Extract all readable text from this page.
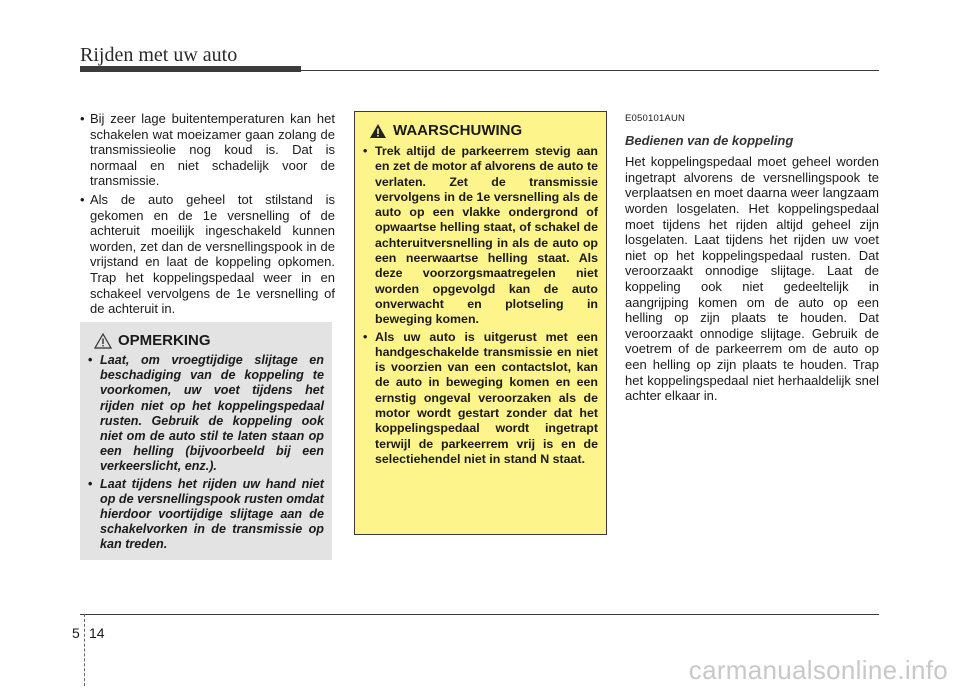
Rijden met uw auto
• Bij zeer lage buitentemperaturen kan het schakelen wat moeizamer gaan zolang de transmissieolie nog koud is. Dat is normaal en niet schadelijk voor de transmissie.
• Als de auto geheel tot stilstand is gekomen en de 1e versnelling of de achteruit moeilijk ingeschakeld kunnen worden, zet dan de versnellingspook in de vrijstand en laat de koppeling opkomen. Trap het koppelingspedaal weer in en schakeel vervolgens de 1e versnelling of de achteruit in.
OPMERKING
• Laat, om vroegtijdige slijtage en beschadiging van de koppeling te voorkomen, uw voet tijdens het rijden niet op het koppelingspedaal rusten. Gebruik de koppeling ook niet om de auto stil te laten staan op een helling (bijvoorbeeld bij een verkeerslicht, enz.).
• Laat tijdens het rijden uw hand niet op de versnellingspook rusten omdat hierdoor voortijdige slijtage aan de schakelvorken in de transmissie op kan treden.
WAARSCHUWING
• Trek altijd de parkeerrem stevig aan en zet de motor af alvorens de auto te verlaten. Zet de transmissie vervolgens in de 1e versnelling als de auto op een vlakke ondergrond of opwaartse helling staat, of schakel de achteruitversnelling in als de auto op een neerwaartse helling staat. Als deze voorzorgsmaatregelen niet worden opgevolgd kan de auto onverwacht en plotseling in beweging komen.
• Als uw auto is uitgerust met een handgeschakelde transmissie en niet is voorzien van een contactslot, kan de auto in beweging komen en een ernstig ongeval veroorzaken als de motor wordt gestart zonder dat het koppelingspedaal wordt ingetrapt terwijl de parkeerrem vrij is en de selectiehendel niet in stand N staat.
E050101AUN
Bedienen van de koppeling
Het koppelingspedaal moet geheel worden ingetrapt alvorens de versnellingspook te verplaatsen en moet daarna weer langzaam worden losgelaten. Het koppelingspedaal moet tijdens het rijden altijd geheel zijn losgelaten. Laat tijdens het rijden uw voet niet op het koppelingspedaal rusten. Dat veroorzaakt onnodige slijtage. Laat de koppeling ook niet gedeeltelijk in aangrijping komen om de auto op een helling op zijn plaats te houden. Dat veroorzaakt onnodige slijtage. Gebruik de voetrem of de parkeerrem om de auto op een helling op zijn plaats te houden. Trap het koppelingspedaal niet herhaaldelijk snel achter elkaar in.
5 14
carmanualsonline.info
